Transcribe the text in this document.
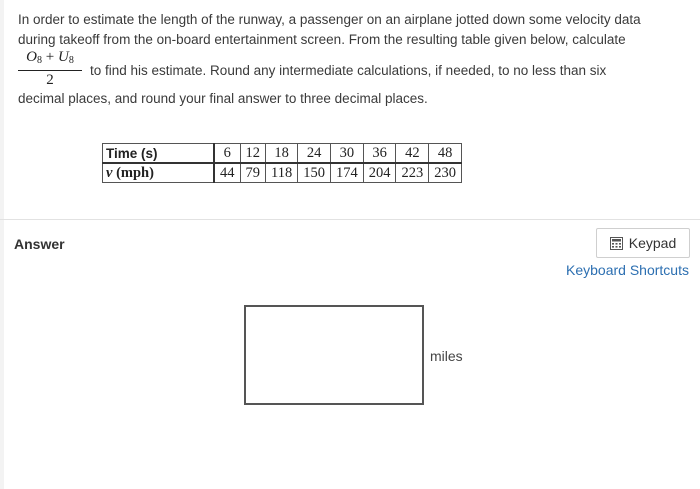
In order to estimate the length of the runway, a passenger on an airplane jotted down some velocity data during takeoff from the on-board entertainment screen. From the resulting table given below, calculate
$\frac{O_8 + U_8}{2}$ to find his estimate. Round any intermediate calculations, if needed, to no less than six
decimal places, and round your final answer to three decimal places.
Time (s)	6	12	18	24	30	36	42	48
v (mph)	44	79	118	150	174	204	223	230
Answer	Keypad
Keyboard Shortcuts
miles
